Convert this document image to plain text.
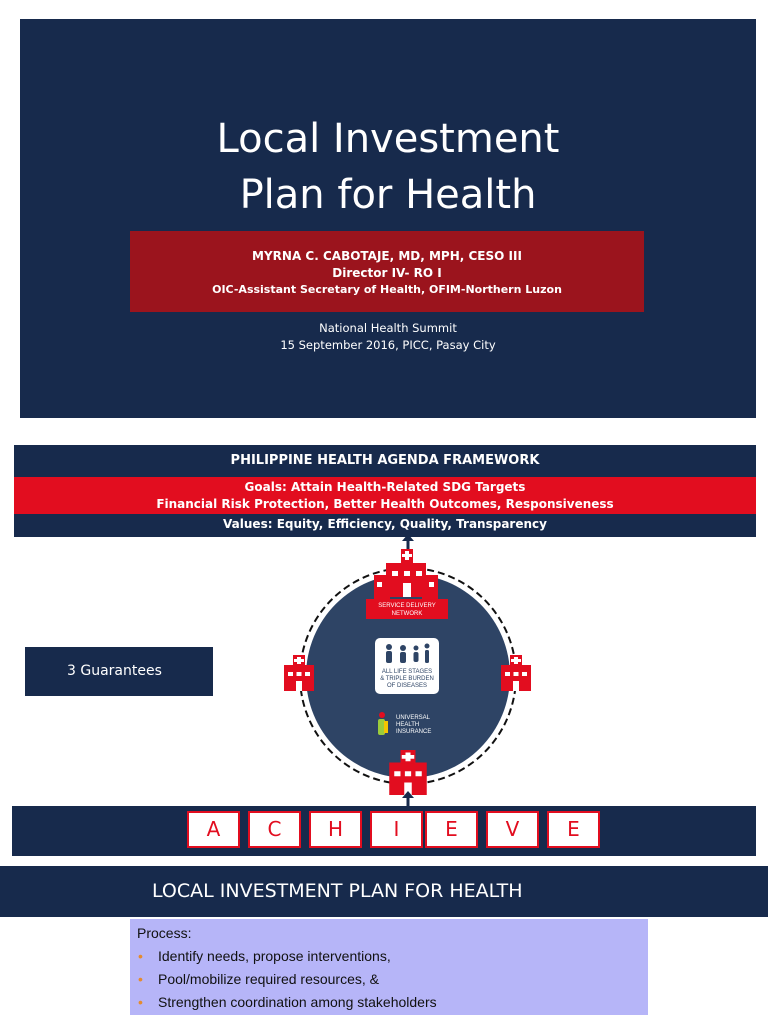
Local Investment
Plan for Health
MYRNA C. CABOTAJE, MD, MPH, CESO III
Director IV- RO I
OIC-Assistant Secretary of Health, OFIM-Northern Luzon
National Health Summit
15 September 2016, PICC, Pasay City
PHILIPPINE HEALTH AGENDA FRAMEWORK
Goals: Attain Health-Related SDG Targets
Financial Risk Protection, Better Health Outcomes, Responsiveness
Values: Equity, Efficiency, Quality, Transparency
SERVICE DELIVERY
NETWORK
ALL LIFE STAGES
& TRIPLE BURDEN
OF DISEASES
UNIVERSAL
HEALTH
INSURANCE
3 Guarantees
A	C	H	I	E	V	E
LOCAL INVESTMENT PLAN FOR HEALTH
Process:
• Identify needs, propose interventions,
• Pool/mobilize required resources, &
• Strengthen coordination among stakeholders
